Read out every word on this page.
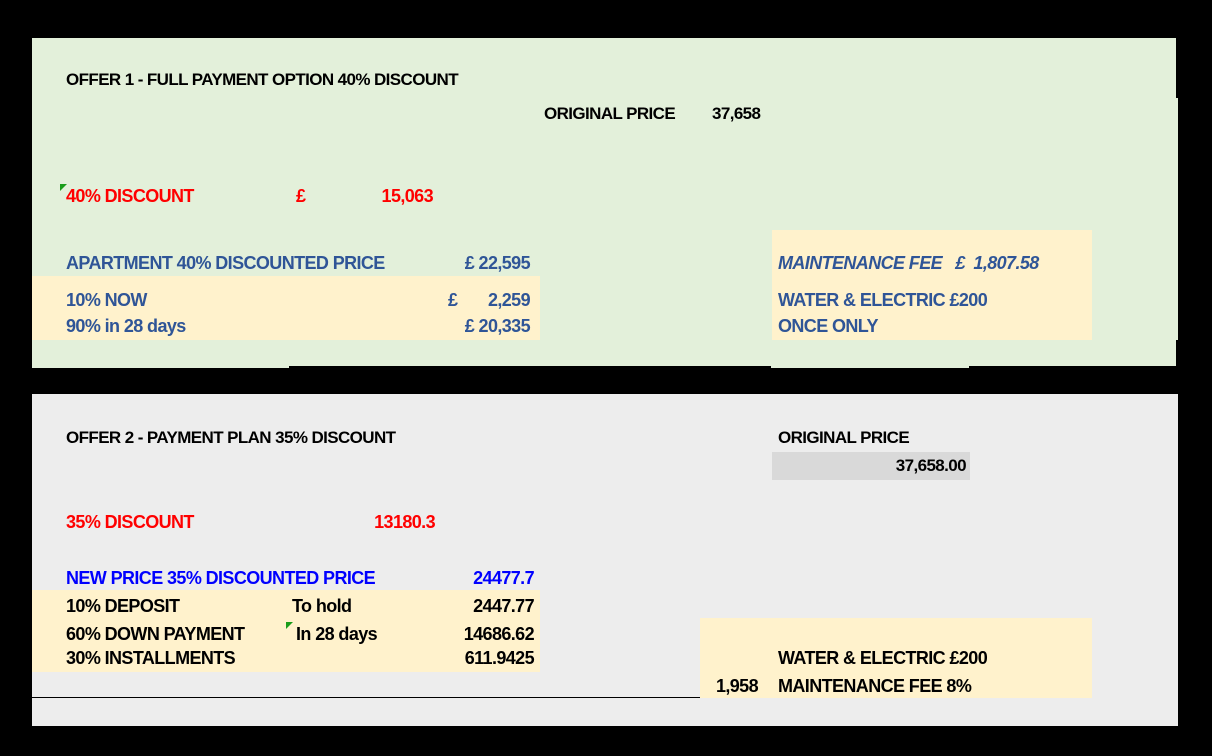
OFFER 1 - FULL PAYMENT OPTION 40% DISCOUNT
ORIGINAL PRICE	37,658
40% DISCOUNT	£	15,063
APARTMENT 40% DISCOUNTED PRICE	£ 22,595
10% NOW	£	2,259
90% in 28 days	£ 20,335
MAINTENANCE FEE   £  1,807.58
WATER & ELECTRIC £200
ONCE ONLY
OFFER 2 - PAYMENT PLAN 35% DISCOUNT	ORIGINAL PRICE
37,658.00
35% DISCOUNT	13180.3
NEW PRICE 35% DISCOUNTED PRICE	24477.7
10% DEPOSIT	To hold	2447.77
60% DOWN PAYMENT	In 28 days	14686.62
30% INSTALLMENTS	611.9425	WATER & ELECTRIC £200
1,958 MAINTENANCE FEE 8%
